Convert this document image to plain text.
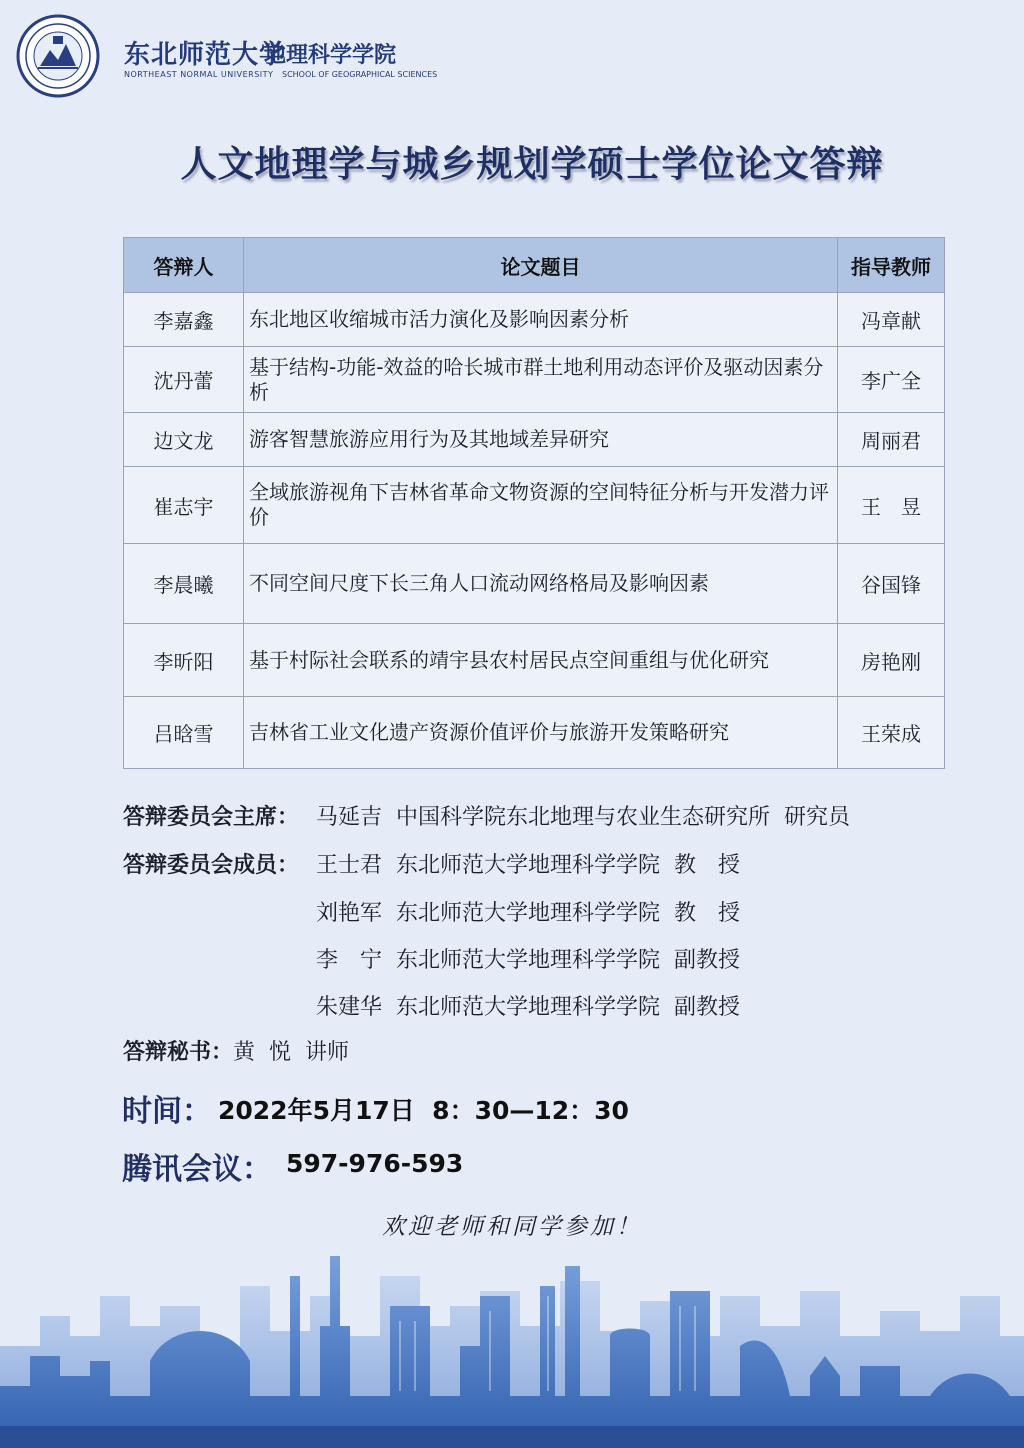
东北师范大学
地理科学学院
NORTHEAST NORMAL UNIVERSITY SCHOOL OF GEOGRAPHICAL SCIENCES
人文地理学与城乡规划学硕士学位论文答辩
答辩人	论文题目	指导教师
李嘉鑫	东北地区收缩城市活力演化及影响因素分析	冯章献
沈丹蕾	基于结构-功能-效益的哈长城市群土地利用动态评价及驱动因素分析	李广全
边文龙	游客智慧旅游应用行为及其地域差异研究	周丽君
崔志宇	全域旅游视角下吉林省革命文物资源的空间特征分析与开发潜力评价	王　昱
李晨曦	不同空间尺度下长三角人口流动网络格局及影响因素	谷国锋
李昕阳	基于村际社会联系的靖宇县农村居民点空间重组与优化研究	房艳刚
吕晗雪	吉林省工业文化遗产资源价值评价与旅游开发策略研究	王荣成
答辩委员会主席： 马延吉  中国科学院东北地理与农业生态研究所  研究员
答辩委员会成员： 王士君  东北师范大学地理科学学院  教　授
刘艳军  东北师范大学地理科学学院  教　授
李　宁  东北师范大学地理科学学院  副教授
朱建华  东北师范大学地理科学学院  副教授
答辩秘书：黄  悦  讲师
时间： 2022年5月17日  8：30—12：30
腾讯会议： 597-976-593
欢迎老师和同学参加！
